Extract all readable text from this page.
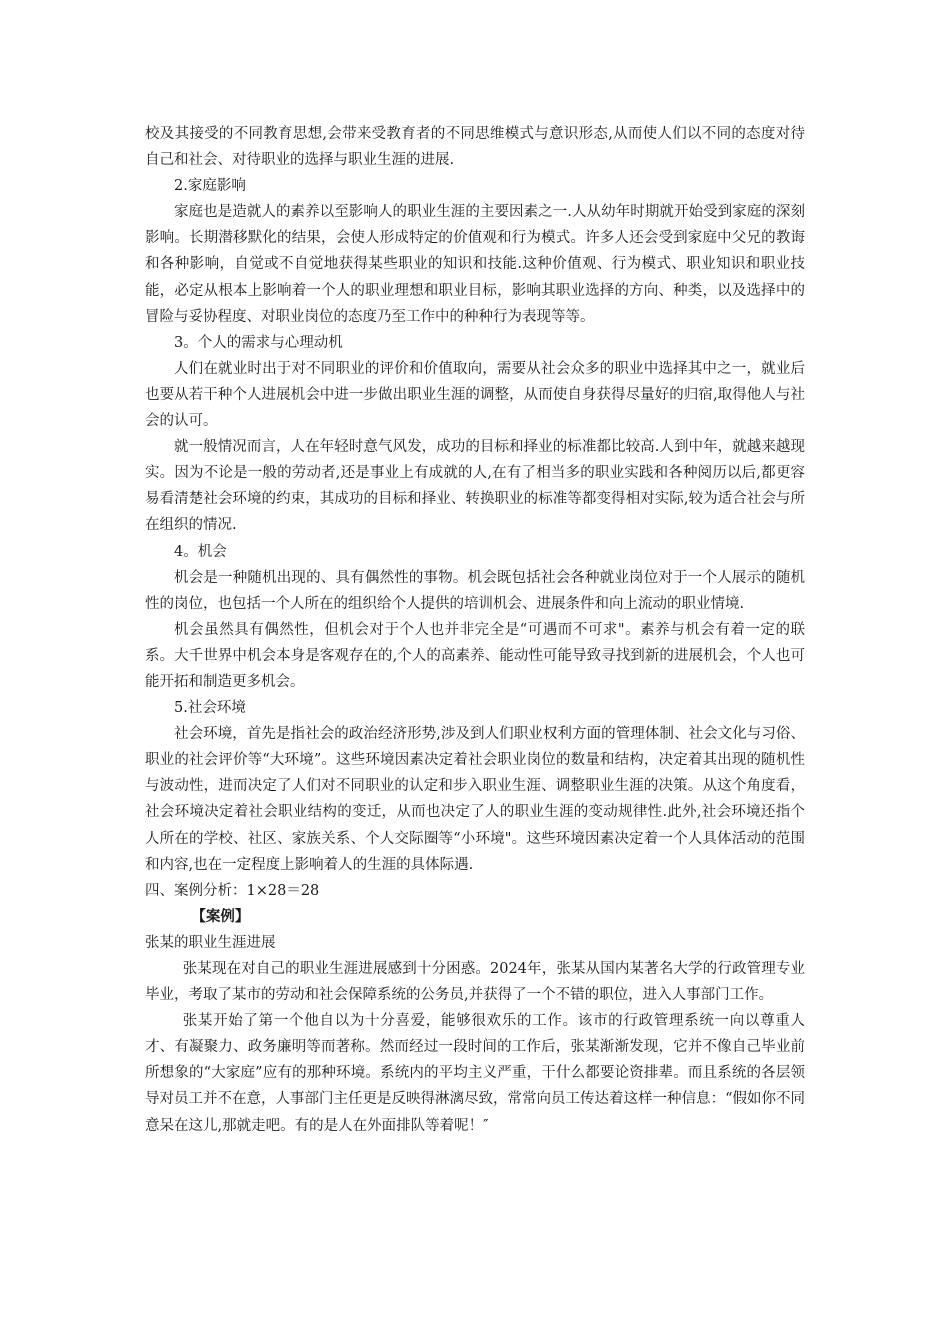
校及其接受的不同教育思想,会带来受教育者的不同思维模式与意识形态,从而使人们以不同的态度对待自己和社会、对待职业的选择与职业生涯的进展.

2.家庭影响

家庭也是造就人的素养以至影响人的职业生涯的主要因素之一.人从幼年时期就开始受到家庭的深刻影响。长期潜移默化的结果，会使人形成特定的价值观和行为模式。许多人还会受到家庭中父兄的教诲和各种影响，自觉或不自觉地获得某些职业的知识和技能.这种价值观、行为模式、职业知识和职业技能，必定从根本上影响着一个人的职业理想和职业目标，影响其职业选择的方向、种类，以及选择中的冒险与妥协程度、对职业岗位的态度乃至工作中的种种行为表现等等。

3。个人的需求与心理动机

人们在就业时出于对不同职业的评价和价值取向，需要从社会众多的职业中选择其中之一，就业后也要从若干种个人进展机会中进一步做出职业生涯的调整，从而使自身获得尽量好的归宿,取得他人与社会的认可。

就一般情况而言，人在年轻时意气风发，成功的目标和择业的标准都比较高.人到中年，就越来越现实。因为不论是一般的劳动者,还是事业上有成就的人,在有了相当多的职业实践和各种阅历以后,都更容易看清楚社会环境的约束，其成功的目标和择业、转换职业的标准等都变得相对实际,较为适合社会与所在组织的情况.

4。机会

机会是一种随机出现的、具有偶然性的事物。机会既包括社会各种就业岗位对于一个人展示的随机性的岗位，也包括一个人所在的组织给个人提供的培训机会、进展条件和向上流动的职业情境.

机会虽然具有偶然性，但机会对于个人也并非完全是“可遇而不可求"。素养与机会有着一定的联系。大千世界中机会本身是客观存在的,个人的高素养、能动性可能导致寻找到新的进展机会，个人也可能开拓和制造更多机会。

5.社会环境

社会环境，首先是指社会的政治经济形势,涉及到人们职业权利方面的管理体制、社会文化与习俗、职业的社会评价等“大环境”。这些环境因素决定着社会职业岗位的数量和结构，决定着其出现的随机性与波动性，进而决定了人们对不同职业的认定和步入职业生涯、调整职业生涯的决策。从这个角度看，社会环境决定着社会职业结构的变迁，从而也决定了人的职业生涯的变动规律性.此外,社会环境还指个人所在的学校、社区、家族关系、个人交际圈等“小环境"。这些环境因素决定着一个人具体活动的范围和内容,也在一定程度上影响着人的生涯的具体际遇.

四、案例分析：1×28＝28

【案例】

张某的职业生涯进展

张某现在对自己的职业生涯进展感到十分困惑。2024年，张某从国内某著名大学的行政管理专业毕业，考取了某市的劳动和社会保障系统的公务员,并获得了一个不错的职位，进入人事部门工作。

张某开始了第一个他自以为十分喜爱，能够很欢乐的工作。该市的行政管理系统一向以尊重人才、有凝聚力、政务廉明等而著称。然而经过一段时间的工作后，张某渐渐发现，它并不像自己毕业前所想象的“大家庭”应有的那种环境。系统内的平均主义严重，干什么都要论资排辈。而且系统的各层领导对员工并不在意，人事部门主任更是反映得淋漓尽致，常常向员工传达着这样一种信息：“假如你不同意呆在这儿,那就走吧。有的是人在外面排队等着呢！″
